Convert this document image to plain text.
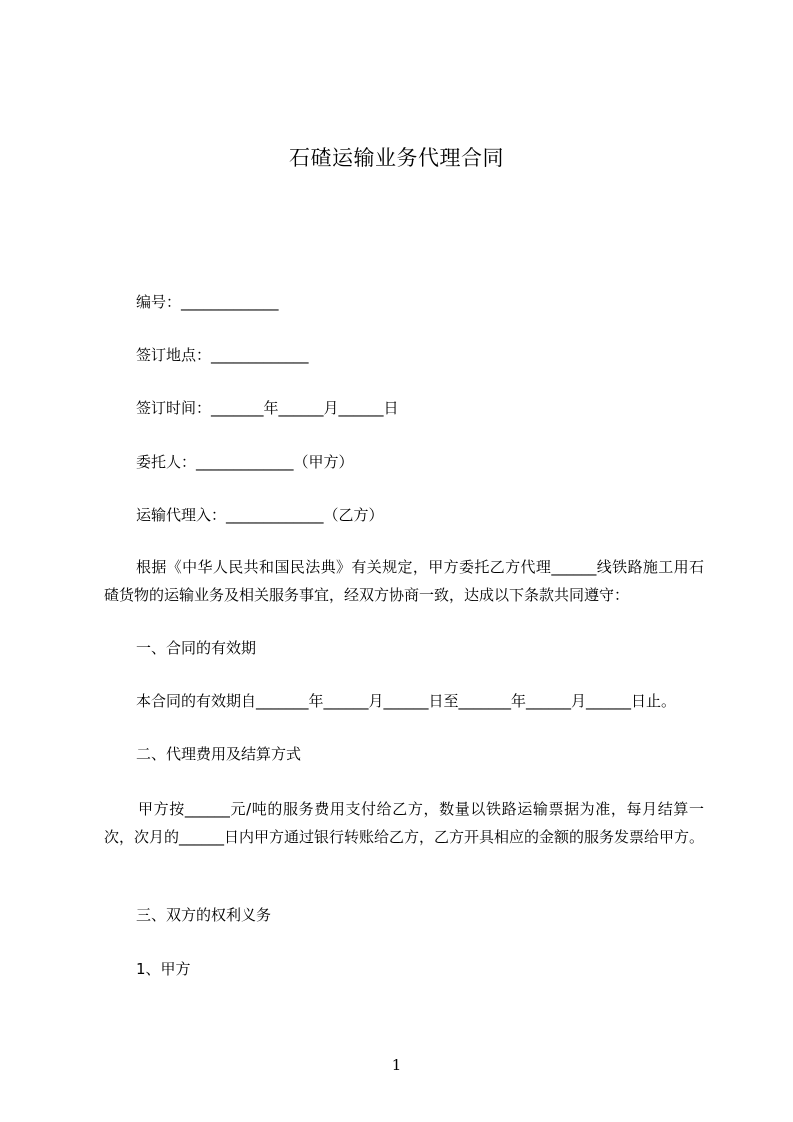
石碴运输业务代理合同
编号：_____________
签订地点：_____________
签订时间：_______年______月______日
委托人：_____________（甲方）
运输代理入：_____________（乙方）
根据《中华人民共和国民法典》有关规定，甲方委托乙方代理______线铁路施工用石碴货物的运输业务及相关服务事宜，经双方协商一致，达成以下条款共同遵守：
一、合同的有效期
本合同的有效期自_______年______月______日至_______年______月______日止。
二、代理费用及结算方式
甲方按______元/吨的服务费用支付给乙方，数量以铁路运输票据为准，每月结算一次，次月的______日内甲方通过银行转账给乙方，乙方开具相应的金额的服务发票给甲方。
三、双方的权利义务
1、甲方
1
